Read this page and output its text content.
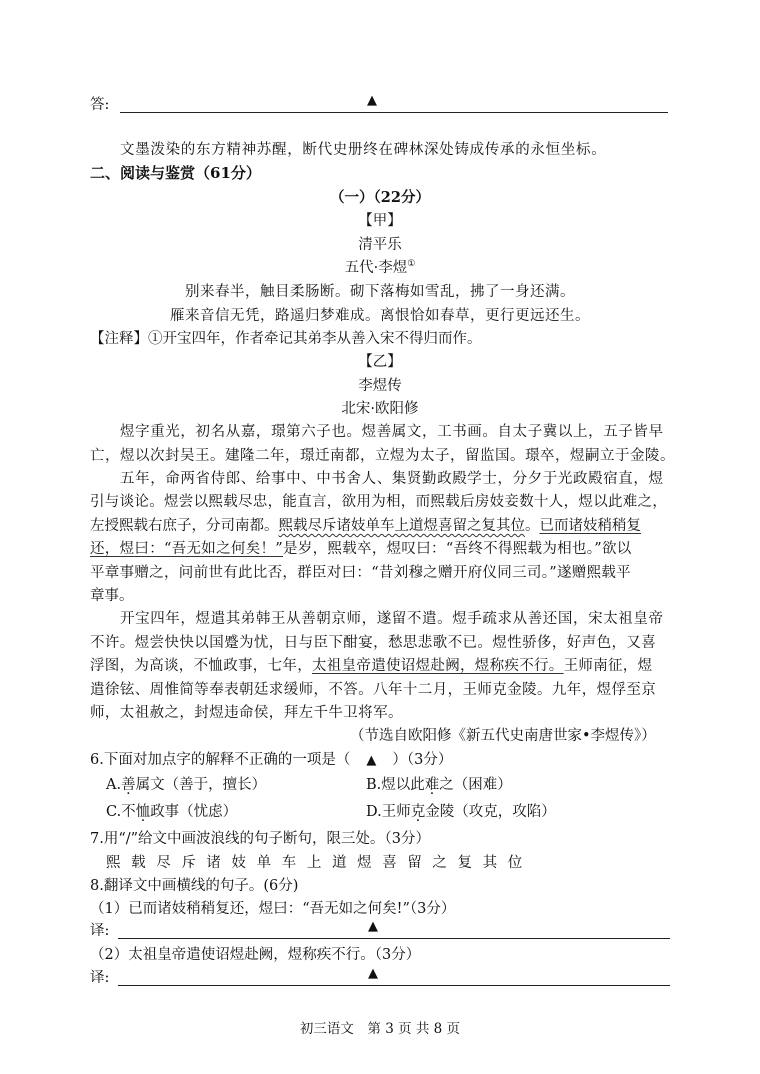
答:	▲
文墨泼染的东方精神苏醒，断代史册终在碑林深处铸成传承的永恒坐标。
二、阅读与鉴赏（61分）
（一）（22分）
【甲】
清平乐
五代·李煜①
别来春半，触目柔肠断。砌下落梅如雪乱，拂了一身还满。
雁来音信无凭，路遥归梦难成。离恨恰如春草，更行更远还生。
【注释】①开宝四年，作者牵记其弟李从善入宋不得归而作。
【乙】
李煜传
北宋·欧阳修
煜字重光，初名从嘉，璟第六子也。煜善属文，工书画。自太子冀以上，五子皆早
亡，煜以次封吴王。建隆二年，璟迁南都，立煜为太子，留监国。璟卒，煜嗣立于金陵。
五年，命两省侍郎、给事中、中书舍人、集贤勤政殿学士，分夕于光政殿宿直，煜
引与谈论。煜尝以熙载尽忠，能直言，欲用为相，而熙载后房妓妾数十人，煜以此难之，
左授熙载右庶子，分司南都。熙载尽斥诸妓单车上道煜喜留之复其位。已而诸妓稍稍复
还，煜曰：“吾无如之何矣！”是岁，熙载卒，煜叹曰：“吾终不得熙载为相也。”欲以
平章事赠之，问前世有此比否，群臣对曰：“昔刘穆之赠开府仪同三司。”遂赠熙载平
章事。
开宝四年，煜遣其弟韩王从善朝京师，遂留不遣。煜手疏求从善还国，宋太祖皇帝
不许。煜尝快快以国蹙为忧，日与臣下酣宴，愁思悲歌不已。煜性骄侈，好声色，又喜
浮图，为高谈，不恤政事，七年，太祖皇帝遣使诏煜赴阙，煜称疾不行。王师南征，煜
遣徐铉、周惟简等奉表朝廷求缓师，不答。八年十二月，王师克金陵。九年，煜俘至京
师，太祖赦之，封煜违命侯，拜左千牛卫将军。
（节选自欧阳修《新五代史南唐世家•李煜传》）
6.下面对加点字的解释不正确的一项是（ ▲ ）（3分）
A.善属文（善于，擅长）	B.煜以此难之（困难）
C.不恤政事（忧虑）	D.王师克金陵（攻克，攻陷）
7.用“/”给文中画波浪线的句子断句，限三处。（3分）
熙 载 尽 斥 诸 妓 单 车 上 道 煜 喜 留 之 复 其 位
8.翻译文中画横线的句子。(6分)
（1）已而诸妓稍稍复还，煜曰：“吾无如之何矣!”（3分）
译:	▲
（2）太祖皇帝遣使诏煜赴阙，煜称疾不行。（3分）
译:	▲
初三语文　第 3 页 共 8 页
